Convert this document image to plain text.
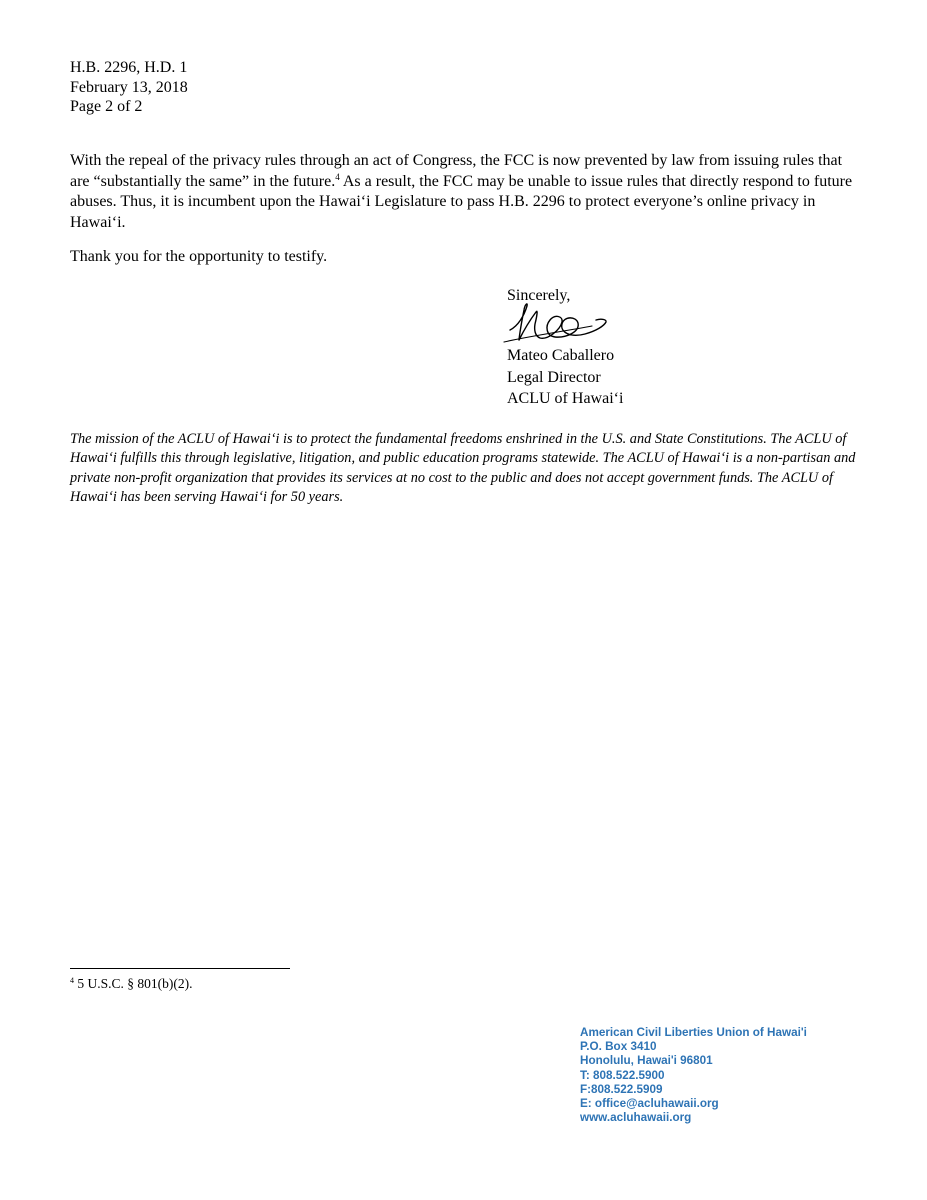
H.B. 2296, H.D. 1
February 13, 2018
Page 2 of 2
With the repeal of the privacy rules through an act of Congress, the FCC is now prevented by law from issuing rules that are “substantially the same” in the future.$^4$ As a result, the FCC may be unable to issue rules that directly respond to future abuses. Thus, it is incumbent upon the Hawai‘i Legislature to pass H.B. 2296 to protect everyone’s online privacy in Hawai‘i.
Thank you for the opportunity to testify.
Sincerely,
Mateo Caballero
Legal Director
ACLU of Hawai‘i
The mission of the ACLU of Hawai‘i is to protect the fundamental freedoms enshrined in the U.S. and State Constitutions. The ACLU of Hawai‘i fulfills this through legislative, litigation, and public education programs statewide. The ACLU of Hawai‘i is a non-partisan and private non-profit organization that provides its services at no cost to the public and does not accept government funds. The ACLU of Hawai‘i has been serving Hawai‘i for 50 years.
$^4$ 5 U.S.C. § 801(b)(2).
American Civil Liberties Union of Hawai'i
P.O. Box 3410
Honolulu, Hawai'i 96801
T: 808.522.5900
F:808.522.5909
E: office@acluhawaii.org
www.acluhawaii.org
